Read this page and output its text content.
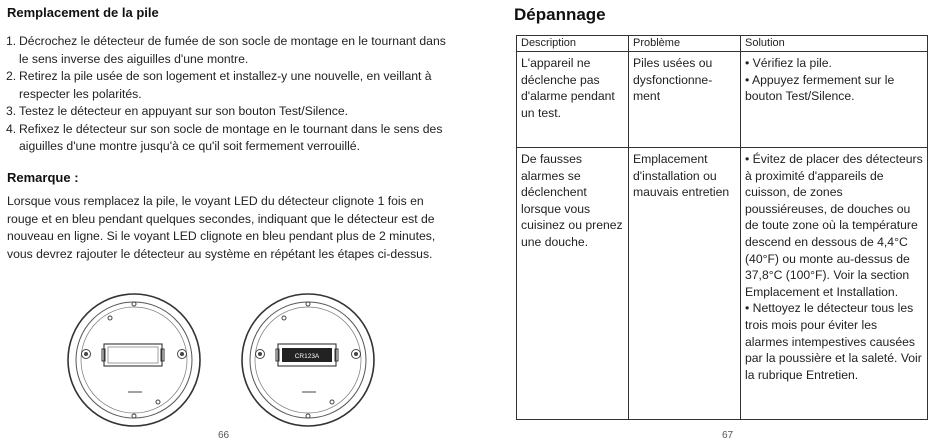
Remplacement de la pile
1. Décrochez le détecteur de fumée de son socle de montage en le tournant dans le sens inverse des aiguilles d'une montre.
2. Retirez la pile usée de son logement et installez-y une nouvelle, en veillant à respecter les polarités.
3. Testez le détecteur en appuyant sur son bouton Test/Silence.
4. Refixez le détecteur sur son socle de montage en le tournant dans le sens des aiguilles d'une montre jusqu'à ce qu'il soit fermement verrouillé.
Remarque :
Lorsque vous remplacez la pile, le voyant LED du détecteur clignote 1 fois en rouge et en bleu pendant quelques secondes, indiquant que le détecteur est de nouveau en ligne. Si le voyant LED clignote en bleu pendant plus de 2 minutes, vous devrez rajouter le détecteur au système en répétant les étapes ci-dessus.
CR123A
66
Dépannage
Description	Problème	Solution
L'appareil ne déclenche pas d'alarme pendant un test.	Piles usées ou dysfonctionne-ment	• Vérifiez la pile.
• Appuyez fermement sur le bouton Test/Silence.

De fausses alarmes se déclenchent lorsque vous cuisinez ou prenez une douche.	Emplacement d'installation ou mauvais entretien	• Évitez de placer des détecteurs à proximité d'appareils de cuisson, de zones poussiéreuses, de douches ou de toute zone où la température descend en dessous de 4,4°C (40°F) ou monte au-dessus de 37,8°C (100°F). Voir la section Emplacement et Installation.
• Nettoyez le détecteur tous les trois mois pour éviter les alarmes intempestives causées par la poussière et la saleté. Voir la rubrique Entretien.
67
